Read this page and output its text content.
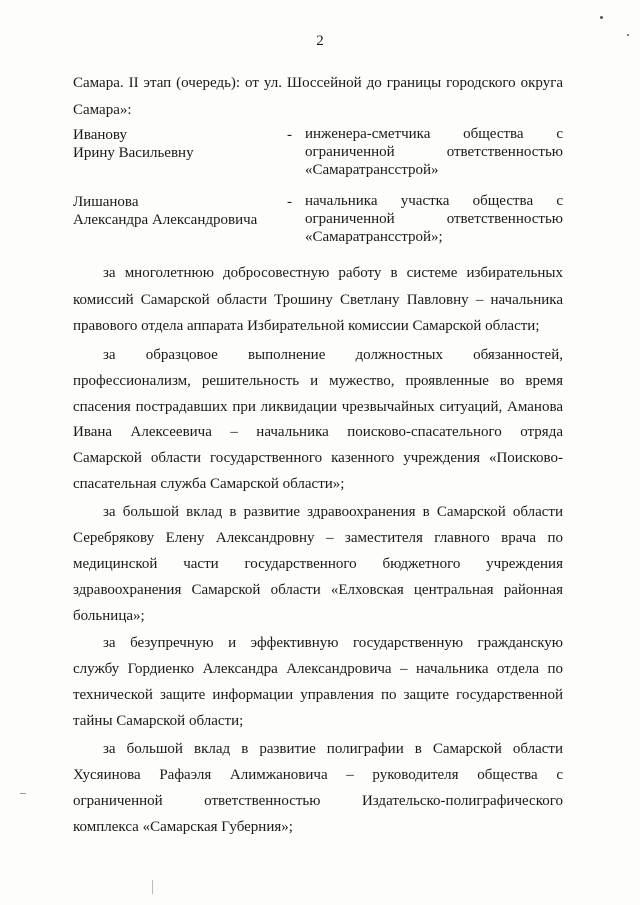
2
Самара. II этап (очередь): от ул. Шоссейной до границы городского округа
Самара»:
Иванову
Ирину Васильевну
- инженера-сметчика общества с
ограниченной ответственностью
«Самаратрансстрой»
Лишанова
Александра Александровича
- начальника участка общества с
ограниченной ответственностью
«Самаратрансстрой»;
за многолетнюю добросовестную работу в системе избирательных
комиссий Самарской области Трошину Светлану Павловну – начальника
правового отдела аппарата Избирательной комиссии Самарской области;
за образцовое выполнение должностных обязанностей,
профессионализм, решительность и мужество, проявленные во время
спасения пострадавших при ликвидации чрезвычайных ситуаций, Аманова
Ивана Алексеевича – начальника поисково-спасательного отряда
Самарской области государственного казенного учреждения «Поисково-
спасательная служба Самарской области»;
за большой вклад в развитие здравоохранения в Самарской области
Серебрякову Елену Александровну – заместителя главного врача по
медицинской части государственного бюджетного учреждения
здравоохранения Самарской области «Елховская центральная районная
больница»;
за безупречную и эффективную государственную гражданскую
службу Гордиенко Александра Александровича – начальника отдела по
технической защите информации управления по защите государственной
тайны Самарской области;
за большой вклад в развитие полиграфии в Самарской области
Хусяинова Рафаэля Алимжановича – руководителя общества с
ограниченной ответственностью Издательско-полиграфического
комплекса «Самарская Губерния»;
